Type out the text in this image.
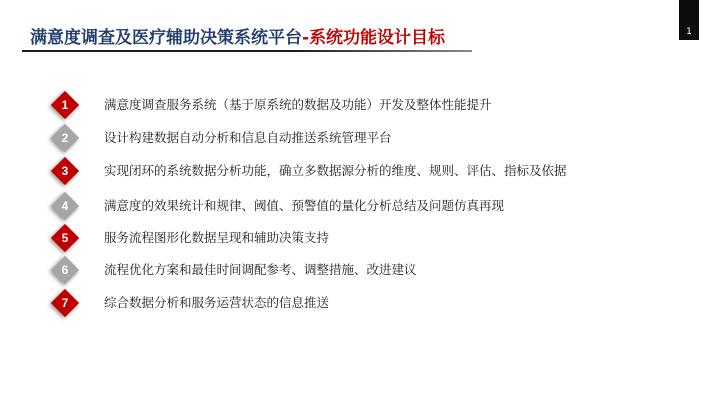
满意度调查及医疗辅助决策系统平台-系统功能设计目标	1
1	满意度调查服务系统（基于原系统的数据及功能）开发及整体性能提升
2	设计构建数据自动分析和信息自动推送系统管理平台
3	实现闭环的系统数据分析功能，确立多数据源分析的维度、规则、评估、指标及依据
4	满意度的效果统计和规律、阈值、预警值的量化分析总结及问题仿真再现
5	服务流程图形化数据呈现和辅助决策支持
6	流程优化方案和最佳时间调配参考、调整措施、改进建议
7	综合数据分析和服务运营状态的信息推送
